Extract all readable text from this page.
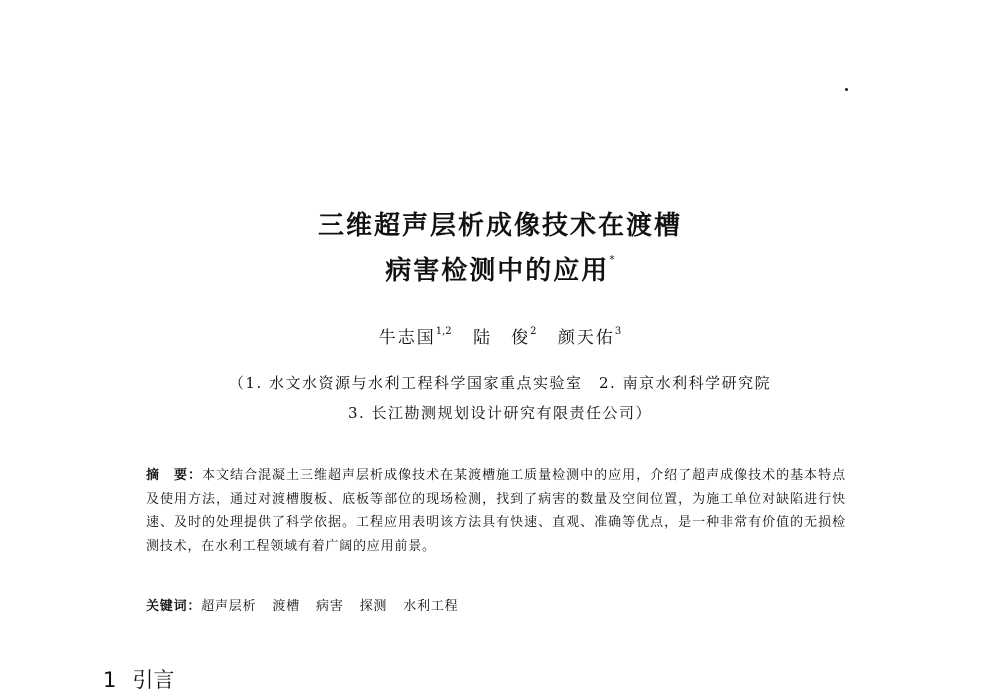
三维超声层析成像技术在渡槽
病害检测中的应用*
牛志国$^{1,2}$ 陆　俊$^2$ 颜天佑$^3$
（1. 水文水资源与水利工程科学国家重点实验室　2. 南京水利科学研究院
3. 长江勘测规划设计研究有限责任公司）
摘　要：本文结合混凝土三维超声层析成像技术在某渡槽施工质量检测中的应用，介绍了超声成像技术的基本特点及使用方法，通过对渡槽腹板、底板等部位的现场检测，找到了病害的数量及空间位置，为施工单位对缺陷进行快速、及时的处理提供了科学依据。工程应用表明该方法具有快速、直观、准确等优点，是一种非常有价值的无损检测技术，在水利工程领域有着广阔的应用前景。
关键词：超声层析 渡槽 病害 探测 水利工程
1 引言
